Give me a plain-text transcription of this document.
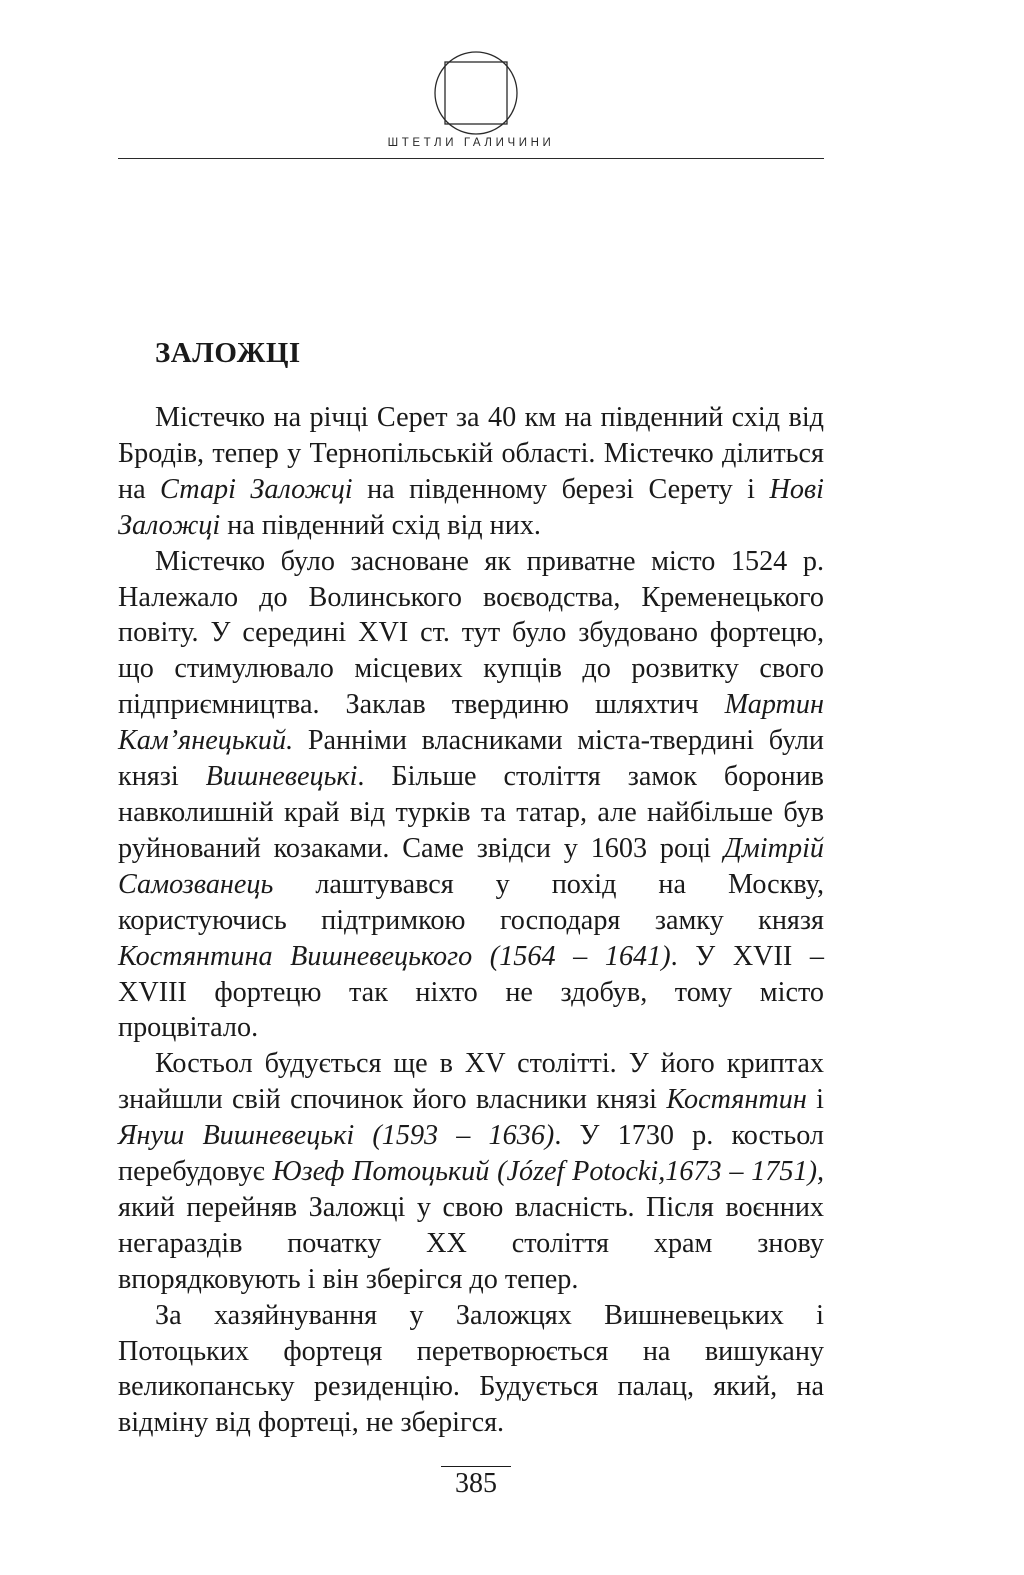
ШТЕТЛИ ГАЛИЧИНИ
ЗАЛОЖЦІ

Містечко на річці Серет за 40 км на південний схід від Бродів, тепер у Тернопільській області. Містечко ділиться на Старі Заложці на південному березі Серету і Нові Заложці на південний схід від них.

Містечко було засноване як приватне місто 1524 р. Належало до Волинського воєводства, Кременецького повіту. У середині XVI ст. тут було збудовано фортецю, що стимулювало місцевих купців до розвитку свого підприємництва. Заклав твердиню шляхтич Мартин Кам’янецький. Ранніми власниками міста-твердині були князі Вишневецькі. Більше століття замок боронив навколишній край від турків та татар, але найбільше був руйнований козаками. Саме звідси у 1603 році Дмітрій Самозванець лаштувався у похід на Москву, користуючись підтримкою господаря замку князя Костянтина Вишневецького (1564 – 1641). У XVII – XVIII фортецю так ніхто не здобув, тому місто процвітало.

Костьол будується ще в XV столітті. У його криптах знайшли свій спочинок його власники князі Костянтин і Януш Вишневецькі (1593 – 1636). У 1730 р. костьол перебудовує Юзеф Потоцький (Józef Potocki,1673 – 1751), який перейняв Заложці у свою власність. Після воєнних негараздів початку XX століття храм знову впорядковують і він зберігся до тепер.

За хазяйнування у Заложцях Вишневецьких і Потоцьких фортеця перетворюється на вишукану великопанську резиденцію. Будується палац, який, на відміну від фортеці, не зберігся.

385
